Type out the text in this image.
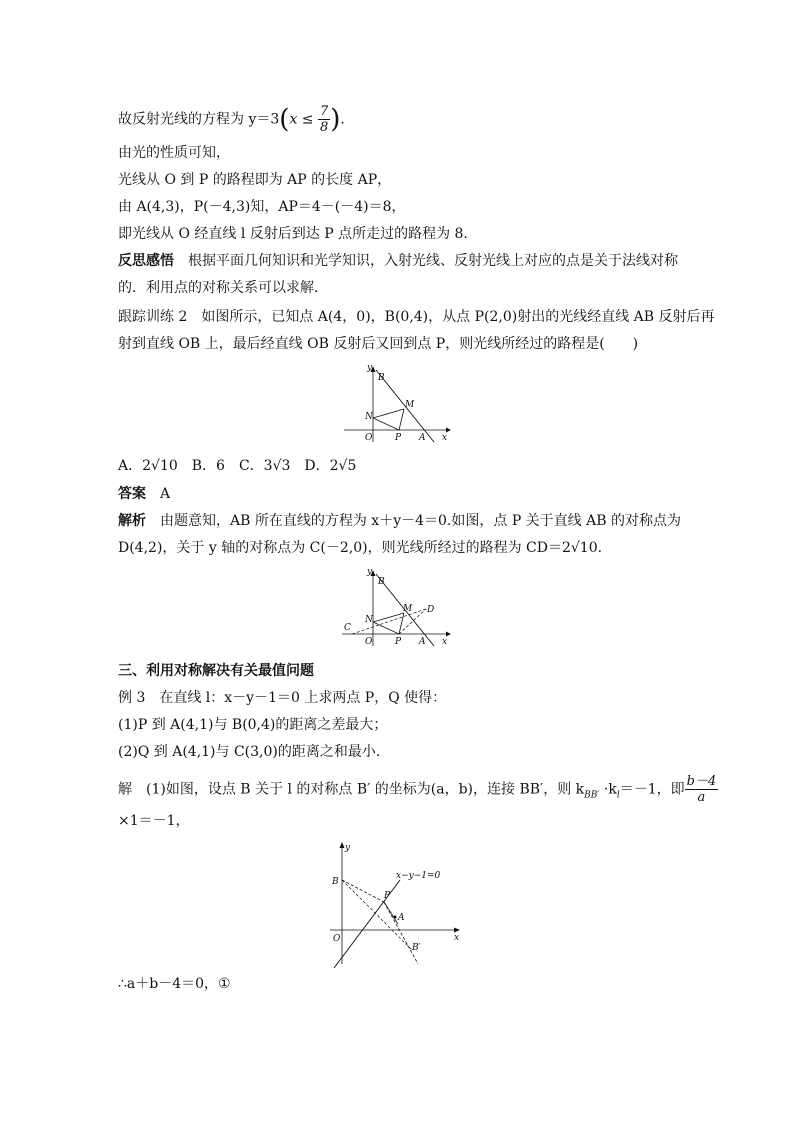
故反射光线的方程为 $y=3(x \le \frac{7}{8}$ ).
由光的性质可知，
光线从 O 到 P 的路程即为 AP 的长度 AP，
由 A(4,3)，P(－4,3)知，AP＝4－(－4)＝8，
即光线从 O 经直线 l 反射后到达 P 点所走过的路程为 8.
反思感悟　根据平面几何知识和光学知识，入射光线、反射光线上对应的点是关于法线对称
的．利用点的对称关系可以求解．
跟踪训练 2　如图所示，已知点 A(4，0)，B(0,4)，从点 P(2,0)射出的光线经直线 AB 反射后再
射到直线 OB 上，最后经直线 OB 反射后又回到点 P，则光线所经过的路程是(　　)
y
B
M
N
O	P A x
A．2√10　B．6　C．3√3　D．2√5
答案　A
解析　由题意知，AB 所在直线的方程为 x＋y－4＝0.如图，点 P 关于直线 AB 的对称点为
D(4,2)，关于 y 轴的对称点为 C(－2,0)，则光线所经过的路程为 CD＝2√10.
y
B
M D
N
C
O	P A x
三、利用对称解决有关最值问题
例 3　在直线 l：x－y－1＝0 上求两点 P，Q 使得：
(1)P 到 A(4,1)与 B(0,4)的距离之差最大；
(2)Q 到 A(4,1)与 C(3,0)的距离之和最小．
解　(1)如图，设点 B 关于 l 的对称点 B′ 的坐标为(a，b)，连接 BB′，则 $k_{BB'} \cdot k_l=-1$，即 $\frac{b-4}{a}$
×1＝－1，
y
x−y−1=0
B
P
A
O	x
B′
∴a＋b－4＝0，①
